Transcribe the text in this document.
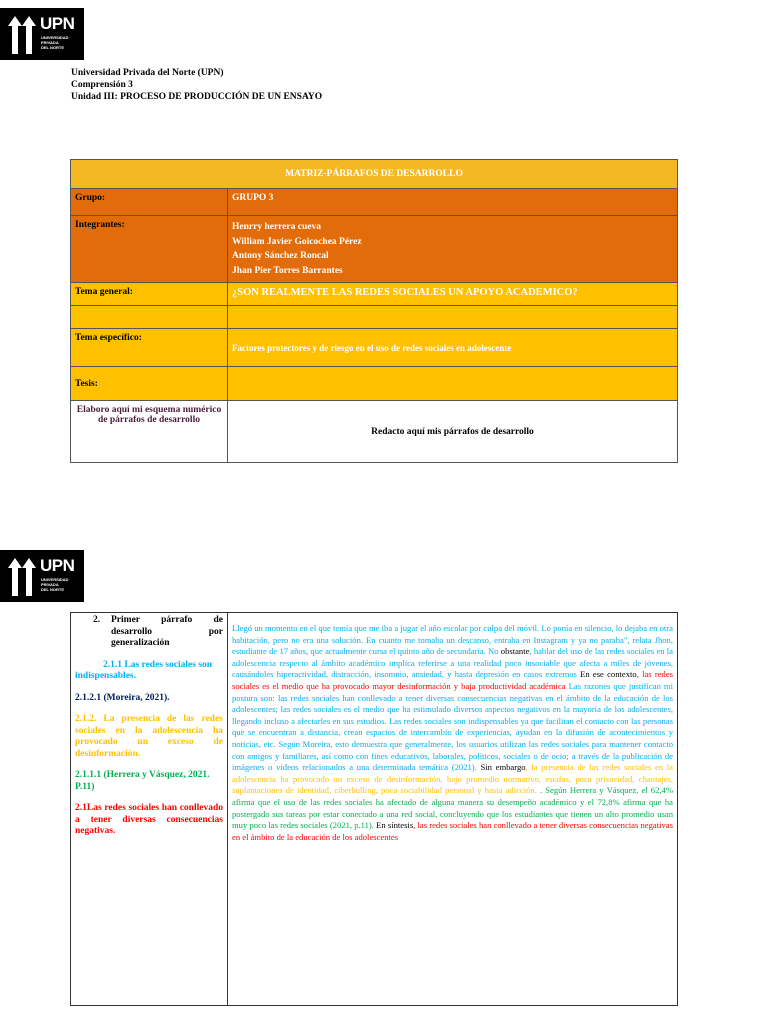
UPN
UNIVERSIDAD
PRIVADA
DEL NORTE
Universidad Privada del Norte (UPN)
Comprensión 3
Unidad III: PROCESO DE PRODUCCIÓN DE UN ENSAYO
MATRIZ-PÁRRAFOS DE DESARROLLO	
Grupo:	GRUPO 3
Integrantes:	Henrry herrera cueva
William Javier Goicochea Pérez
Antony Sánchez Roncal
Jhan Pier Torres Barrantes

Tema general:	¿SON REALMENTE LAS REDES SOCIALES UN APOYO ACADEMICO?

Tema específico:	Factores protectores y de riesgo en el uso de redes sociales en adolescente
Tesis:	
Elaboro aquí mi esquema numérico de párrafos de desarrollo	Redacto aquí mis párrafos de desarrollo
UPN
UNIVERSIDAD
PRIVADA
DEL NORTE
2.	Primer párrafo de desarrollo por generalización
2.1.1 Las redes sociales son indispensables.
2.1.2.1 (Moreira, 2021).
2.1.2. La presencia de las redes sociales en la adolescencia ha provocado un exceso de desinformación.
2.1.1.1 (Herrera y Vásquez, 2021. P.11)
2.1Las redes sociales han conllevado a tener diversas consecuencias negativas.

Llegó un momento en el que temía que me iba a jugar el año escolar por culpa del móvil. Lo ponía en silencio, lo dejaba en otra habitación, pero no era una solución. En cuanto me tomaba un descanso, entraba en Instagram y ya no paraba", relata Jhon, estudiante de 17 años, que actualmente cursa el quinto año de secundaria. No obstante, hablar del uso de las redes sociales en la adolescencia respecto al ámbito académico implica referirse a una realidad poco insociable que afecta a miles de jóvenes, causándoles hiperactividad, distracción, insomnio, ansiedad, y hasta depresión en casos extremos En ese contexto, las redes sociales es el medio que ha provocado mayor desinformación y baja productividad académica Las razones que justifican mi postura son: las redes sociales han conllevado a tener diversas consecuencias negativas en el ámbito de la educación de los adolescentes; las redes sociales es el medio que ha estimulado diversos aspectos negativos en la mayoría de los adolescentes, llegando incluso a afectarles en sus estudios. Las redes sociales son indispensables ya que facilitan el contacto con las personas que se encuentran a distancia, crean espacios de intercambio de experiencias, ayudan en la difusión de acontecimientos y noticias, etc. Según Moreira, esto demuestra que generalmente, los usuarios utilizan las redes sociales para mantener contacto con amigos y familiares, así como con fines educativos, laborales, políticos, sociales o de ocio; a través de la publicación de imágenes o videos relacionados a una determinada temática (2021). Sin embargo, la presencia de las redes sociales en la adolescencia ha provocado un exceso de desinformación, bajo promedio normativo, estafas, poca privacidad, chantajes, suplantaciones de identidad, ciberbulling, poca sociabilidad personal y hasta adicción. . Según Herrera y Vásquez, el 62,4% afirma que el uso de las redes sociales ha afectado de alguna manera su desempeño académico y el 72,8% afirma que ha postergado sus tareas por estar conectado a una red social, concluyendo que los estudiantes que tienen un alto promedio usan muy poco las redes sociales (2021, p.11). En síntesis, las redes sociales han conllevado a tener diversas consecuencias negativas en el ámbito de la educación de los adolescentes
